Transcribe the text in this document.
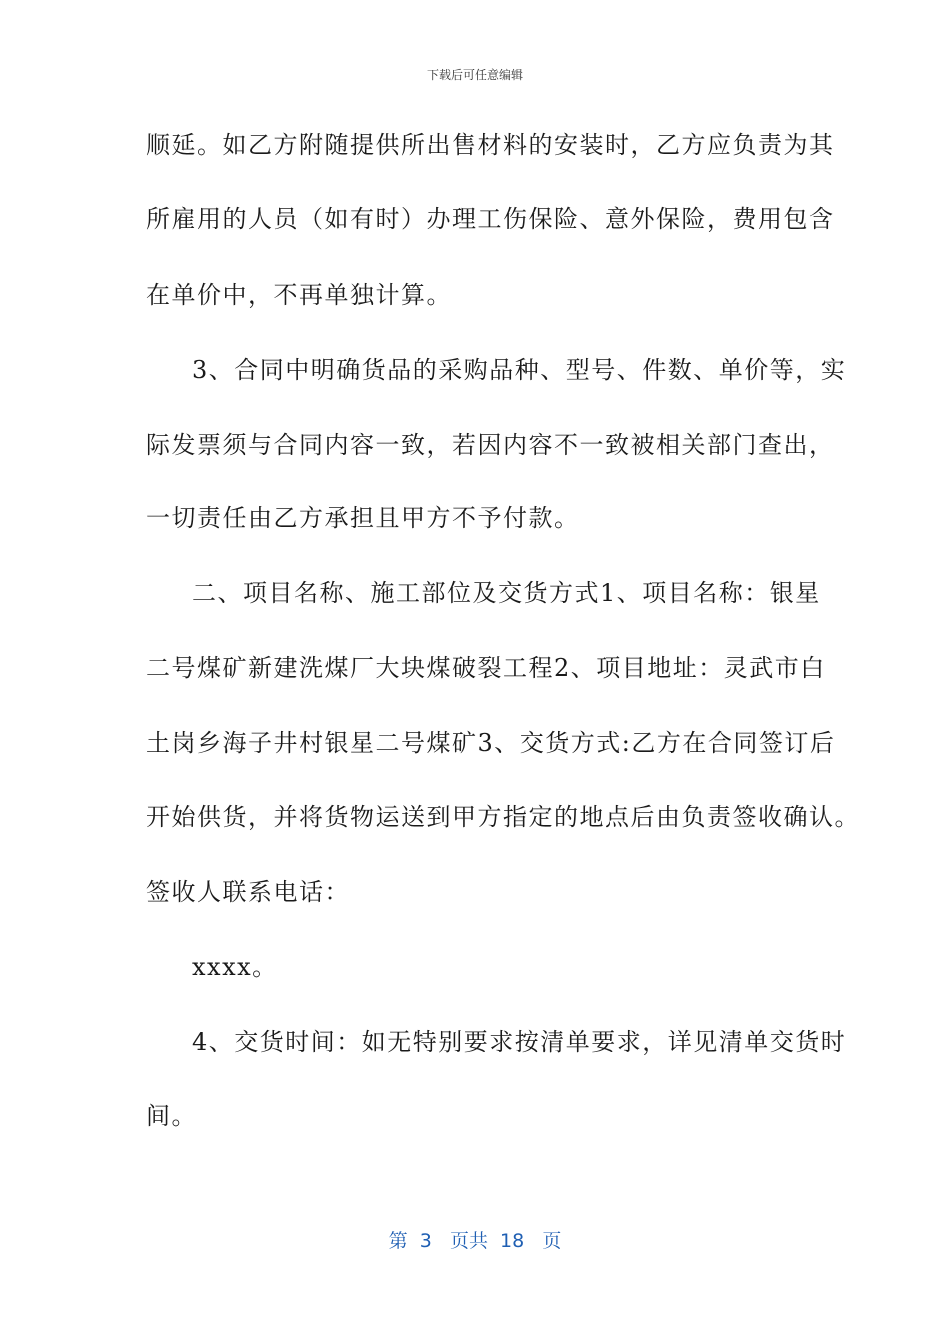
下载后可任意编辑
顺延。如乙方附随提供所出售材料的安装时，乙方应负责为其
所雇用的人员（如有时）办理工伤保险、意外保险，费用包含
在单价中，不再单独计算。
3、合同中明确货品的采购品种、型号、件数、单价等，实
际发票须与合同内容一致，若因内容不一致被相关部门查出，
一切责任由乙方承担且甲方不予付款。
二、项目名称、施工部位及交货方式1、项目名称：银星
二号煤矿新建洗煤厂大块煤破裂工程2、项目地址：灵武市白
土岗乡海子井村银星二号煤矿3、交货方式:乙方在合同签订后
开始供货，并将货物运送到甲方指定的地点后由负责签收确认。
签收人联系电话：
xxxx。
4、交货时间：如无特别要求按清单要求，详见清单交货时
间。
第  3   页共  18   页
